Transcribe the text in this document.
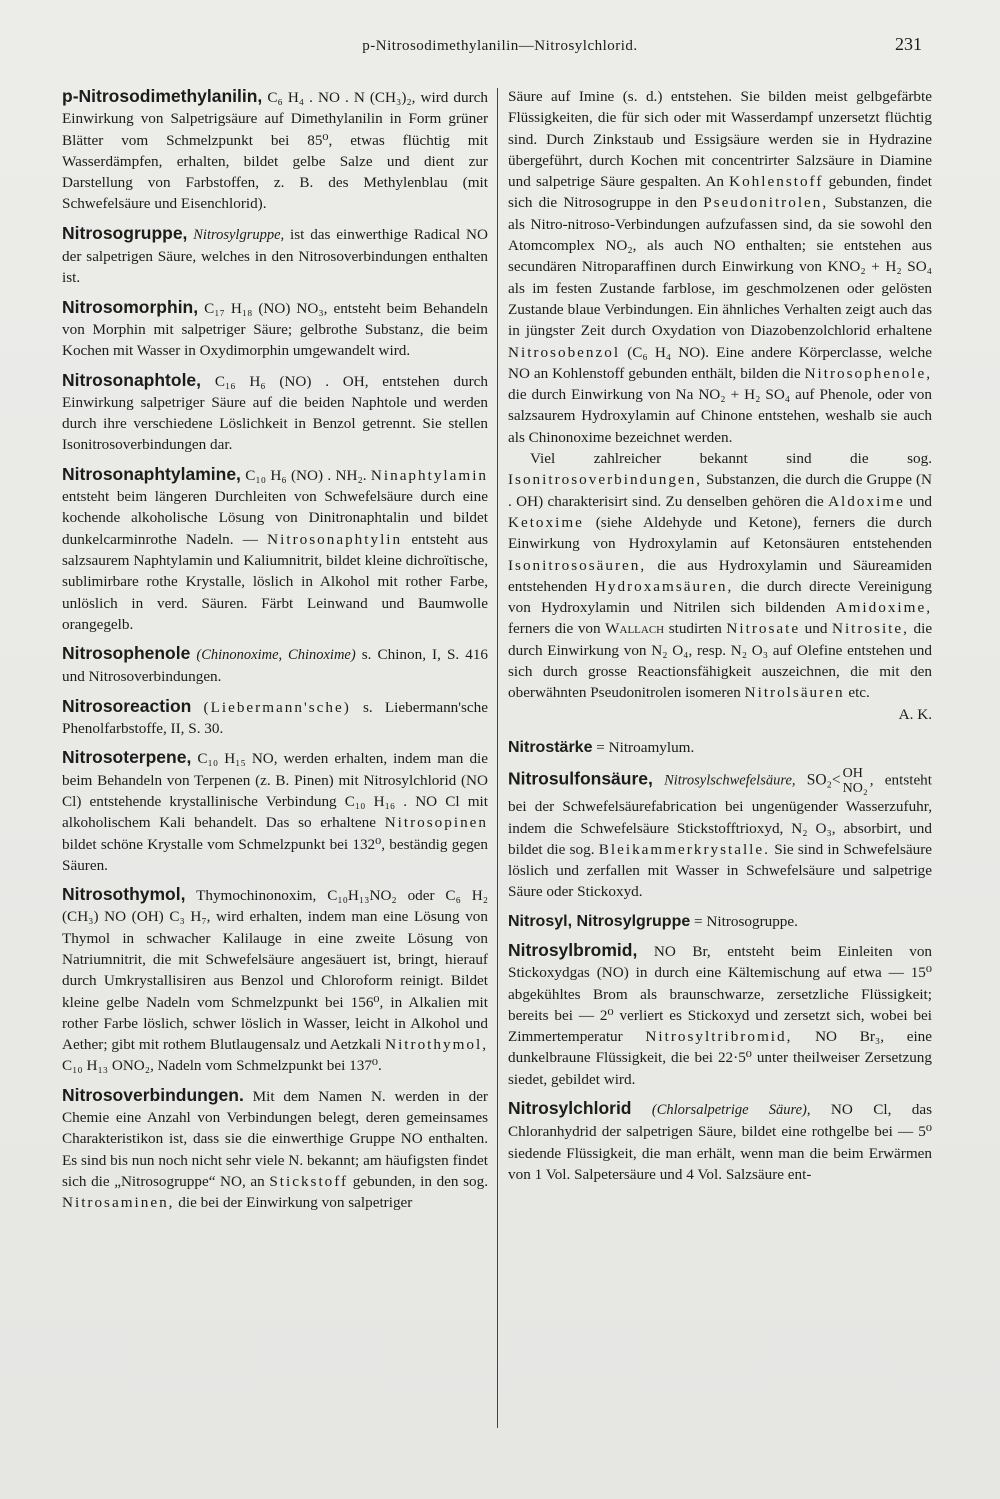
p-Nitrosodimethylanilin—Nitrosylchlorid.	231

p-Nitrosodimethylanilin, C₆ H₄ . NO . N (CH₃)₂, wird durch Einwirkung von Salpetrigsäure auf Dimethylanilin in Form grüner Blätter vom Schmelzpunkt bei 85⁰, etwas flüchtig mit Wasserdämpfen, erhalten, bildet gelbe Salze und dient zur Darstellung von Farbstoffen, z. B. des Methylenblau (mit Schwefelsäure und Eisenchlorid).

Nitrosogruppe, Nitrosylgruppe, ist das einwerthige Radical NO der salpetrigen Säure, welches in den Nitrosoverbindungen enthalten ist.

Nitrosomorphin, C₁₇ H₁₈ (NO) NO₃, entsteht beim Behandeln von Morphin mit salpetriger Säure; gelbrothe Substanz, die beim Kochen mit Wasser in Oxydimorphin umgewandelt wird.

Nitrosonaphtole, C₁₆ H₆ (NO) . OH, entstehen durch Einwirkung salpetriger Säure auf die beiden Naphtole und werden durch ihre verschiedene Löslichkeit in Benzol getrennt. Sie stellen Isonitrosoverbindungen dar.

Nitrosonaphtylamine, C₁₀ H₆ (NO) . NH₂. Ninaphtylamin entsteht beim längeren Durchleiten von Schwefelsäure durch eine kochende alkoholische Lösung von Dinitronaphtalin und bildet dunkelcarminrothe Nadeln. — Nitrosonaphtylin entsteht aus salzsaurem Naphtylamin und Kaliumnitrit, bildet kleine dichroïtische, sublimirbare rothe Krystalle, löslich in Alkohol mit rother Farbe, unlöslich in verd. Säuren. Färbt Leinwand und Baumwolle orangegelb.

Nitrosophenole (Chinonoxime, Chinoxime) s. Chinon, I, S. 416 und Nitrosoverbindungen.

Nitrosoreaction (Liebermann'sche) s. Liebermann'sche Phenolfarbstoffe, II, S. 30.

Nitrosoterpene, C₁₀ H₁₅ NO, werden erhalten, indem man die beim Behandeln von Terpenen (z. B. Pinen) mit Nitrosylchlorid (NO Cl) entstehende krystallinische Verbindung C₁₀ H₁₆ . NO Cl mit alkoholischem Kali behandelt. Das so erhaltene Nitrosopinen bildet schöne Krystalle vom Schmelzpunkt bei 132⁰, beständig gegen Säuren.

Nitrosothymol, Thymochinonoxim, C₁₀H₁₃NO₂ oder C₆ H₂ (CH₃) NO (OH) C₃ H₇, wird erhalten, indem man eine Lösung von Thymol in schwacher Kalilauge in eine zweite Lösung von Natriumnitrit, die mit Schwefelsäure angesäuert ist, bringt, hierauf durch Umkrystallisiren aus Benzol und Chloroform reinigt. Bildet kleine gelbe Nadeln vom Schmelzpunkt bei 156⁰, in Alkalien mit rother Farbe löslich, schwer löslich in Wasser, leicht in Alkohol und Aether; gibt mit rothem Blutlaugensalz und Aetzkali Nitrothymol, C₁₀ H₁₃ ONO₂, Nadeln vom Schmelzpunkt bei 137⁰.

Nitrosoverbindungen. Mit dem Namen N. werden in der Chemie eine Anzahl von Verbindungen belegt, deren gemeinsames Charakteristikon ist, dass sie die einwerthige Gruppe NO enthalten. Es sind bis nun noch nicht sehr viele N. bekannt; am häufigsten findet sich die „Nitrosogruppe“ NO, an Stickstoff gebunden, in den sog. Nitrosaminen, die bei der Einwirkung von salpetriger

Säure auf Imine (s. d.) entstehen. Sie bilden meist gelbgefärbte Flüssigkeiten, die für sich oder mit Wasserdampf unzersetzt flüchtig sind. Durch Zinkstaub und Essigsäure werden sie in Hydrazine übergeführt, durch Kochen mit concentrirter Salzsäure in Diamine und salpetrige Säure gespalten. An Kohlenstoff gebunden, findet sich die Nitrosogruppe in den Pseudonitrolen, Substanzen, die als Nitro-nitroso-Verbindungen aufzufassen sind, da sie sowohl den Atomcomplex NO₂, als auch NO enthalten; sie entstehen aus secundären Nitroparaffinen durch Einwirkung von KNO₂ + H₂ SO₄ als im festen Zustande farblose, im geschmolzenen oder gelösten Zustande blaue Verbindungen. Ein ähnliches Verhalten zeigt auch das in jüngster Zeit durch Oxydation von Diazobenzolchlorid erhaltene Nitrosobenzol (C₆ H₄ NO). Eine andere Körperclasse, welche NO an Kohlenstoff gebunden enthält, bilden die Nitrosophenole, die durch Einwirkung von Na NO₂ + H₂ SO₄ auf Phenole, oder von salzsaurem Hydroxylamin auf Chinone entstehen, weshalb sie auch als Chinonoxime bezeichnet werden.

Viel zahlreicher bekannt sind die sog. Isonitrosoverbindungen, Substanzen, die durch die Gruppe (N . OH) charakterisirt sind. Zu denselben gehören die Aldoxime und Ketoxime (siehe Aldehyde und Ketone), ferners die durch Einwirkung von Hydroxylamin auf Ketonsäuren entstehenden Isonitrososäuren, die aus Hydroxylamin und Säureamiden entstehenden Hydroxamsäuren, die durch directe Vereinigung von Hydroxylamin und Nitrilen sich bildenden Amidoxime, ferners die von Wallach studirten Nitrosate und Nitrosite, die durch Einwirkung von N₂ O₄, resp. N₂ O₃ auf Olefine entstehen und sich durch grosse Reactionsfähigkeit auszeichnen, die mit den oberwähnten Pseudonitrolen isomeren Nitrolsäuren etc.

A. K.

Nitrostärke = Nitroamylum.

Nitrosulfonsäure, Nitrosylschwefelsäure, SO₂< OH
NO₂
, entsteht bei der Schwefelsäurefabrication bei ungenügender Wasserzufuhr, indem die Schwefelsäure Stickstofftrioxyd, N₂ O₃, absorbirt, und bildet die sog. Bleikammerkrystalle. Sie sind in Schwefelsäure löslich und zerfallen mit Wasser in Schwefelsäure und salpetrige Säure oder Stickoxyd.

Nitrosyl, Nitrosylgruppe = Nitrosogruppe.

Nitrosylbromid, NO Br, entsteht beim Einleiten von Stickoxydgas (NO) in durch eine Kältemischung auf etwa — 15⁰ abgekühltes Brom als braunschwarze, zersetzliche Flüssigkeit; bereits bei — 2⁰ verliert es Stickoxyd und zersetzt sich, wobei bei Zimmertemperatur Nitrosyltribromid, NO Br₃, eine dunkelbraune Flüssigkeit, die bei 22·5⁰ unter theilweiser Zersetzung siedet, gebildet wird.

Nitrosylchlorid (Chlorsalpetrige Säure), NO Cl, das Chloranhydrid der salpetrigen Säure, bildet eine rothgelbe bei — 5⁰ siedende Flüssigkeit, die man erhält, wenn man die beim Erwärmen von 1 Vol. Salpetersäure und 4 Vol. Salzsäure ent-
